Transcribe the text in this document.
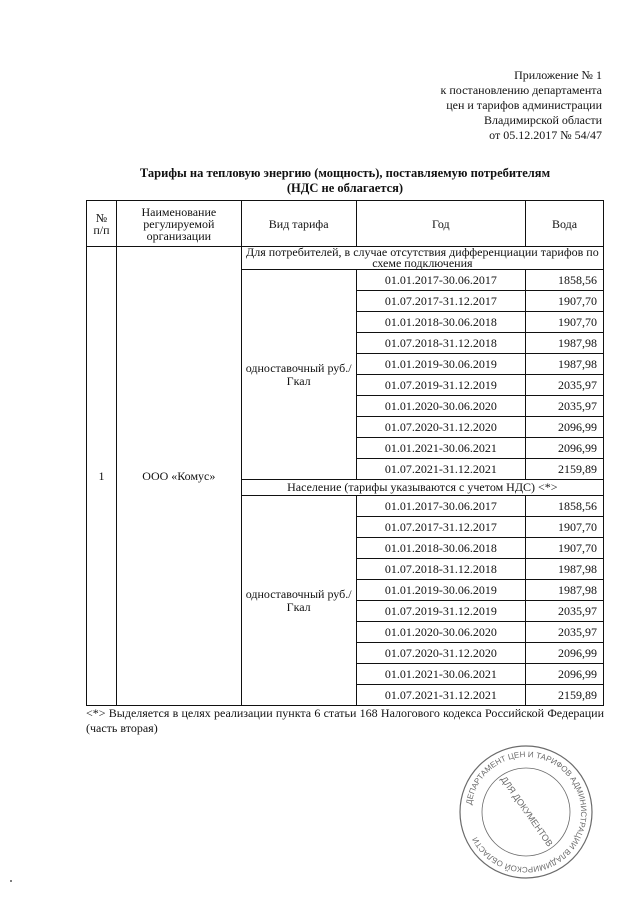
Приложение № 1
к постановлению департамента
цен и тарифов администрации
Владимирской области
от 05.12.2017 № 54/47
Тарифы на тепловую энергию (мощность), поставляемую потребителям
(НДС не облагается)
№ п/п	Наименование регулируемой организации	Вид тарифа	Год	Вода
1	ООО «Комус»	Для потребителей, в случае отсутствия дифференциации тарифов по схеме подключения		
		одноставочный руб./Гкал	01.01.2017-30.06.2017	1858,56
			01.07.2017-31.12.2017	1907,70
			01.01.2018-30.06.2018	1907,70
			01.07.2018-31.12.2018	1987,98
			01.01.2019-30.06.2019	1987,98
			01.07.2019-31.12.2019	2035,97
			01.01.2020-30.06.2020	2035,97
			01.07.2020-31.12.2020	2096,99
			01.01.2021-30.06.2021	2096,99
			01.07.2021-31.12.2021	2159,89
		Население (тарифы указываются с учетом НДС) <*>		
		одноставочный руб./Гкал	01.01.2017-30.06.2017	1858,56
			01.07.2017-31.12.2017	1907,70
			01.01.2018-30.06.2018	1907,70
			01.07.2018-31.12.2018	1987,98
			01.01.2019-30.06.2019	1987,98
			01.07.2019-31.12.2019	2035,97
			01.01.2020-30.06.2020	2035,97
			01.07.2020-31.12.2020	2096,99
			01.01.2021-30.06.2021	2096,99
			01.07.2021-31.12.2021	2159,89
<*> Выделяется в целях реализации пункта 6 статьи 168 Налогового кодекса Российской Федерации (часть вторая)
ДЕПАРТАМЕНТ ЦЕН И ТАРИФОВ АДМИНИСТРАЦИИ ВЛАДИМИРСКОЙ ОБЛАСТИ	ДЛЯ ДОКУМЕНТОВ
